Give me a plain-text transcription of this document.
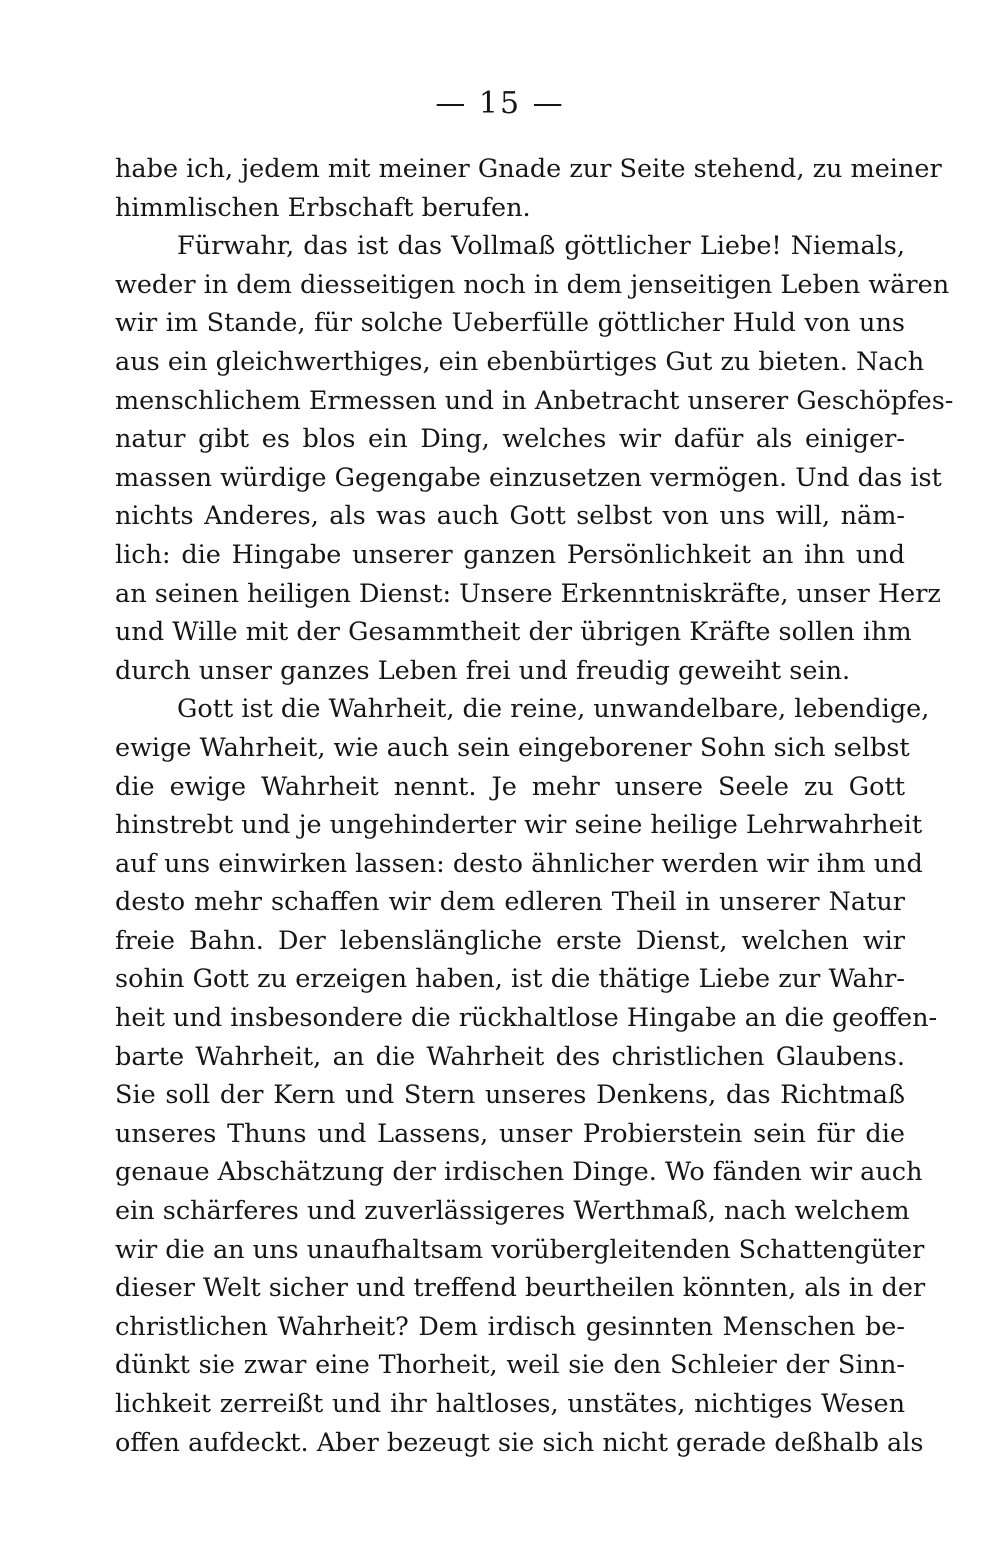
— 15 —
habe ich, jedem mit meiner Gnade zur Seite stehend, zu meiner
himmlischen Erbschaft berufen.
Fürwahr, das ist das Vollmaß göttlicher Liebe! Niemals,
weder in dem diesseitigen noch in dem jenseitigen Leben wären
wir im Stande, für solche Ueberfülle göttlicher Huld von uns
aus ein gleichwerthiges, ein ebenbürtiges Gut zu bieten. Nach
menschlichem Ermessen und in Anbetracht unserer Geschöpfes-
natur gibt es blos ein Ding, welches wir dafür als einiger-
massen würdige Gegengabe einzusetzen vermögen. Und das ist
nichts Anderes, als was auch Gott selbst von uns will, näm-
lich: die Hingabe unserer ganzen Persönlichkeit an ihn und
an seinen heiligen Dienst: Unsere Erkenntniskräfte, unser Herz
und Wille mit der Gesammtheit der übrigen Kräfte sollen ihm
durch unser ganzes Leben frei und freudig geweiht sein.
Gott ist die Wahrheit, die reine, unwandelbare, lebendige,
ewige Wahrheit, wie auch sein eingeborener Sohn sich selbst
die ewige Wahrheit nennt. Je mehr unsere Seele zu Gott
hinstrebt und je ungehinderter wir seine heilige Lehrwahrheit
auf uns einwirken lassen: desto ähnlicher werden wir ihm und
desto mehr schaffen wir dem edleren Theil in unserer Natur
freie Bahn. Der lebenslängliche erste Dienst, welchen wir
sohin Gott zu erzeigen haben, ist die thätige Liebe zur Wahr-
heit und insbesondere die rückhaltlose Hingabe an die geoffen-
barte Wahrheit, an die Wahrheit des christlichen Glaubens.
Sie soll der Kern und Stern unseres Denkens, das Richtmaß
unseres Thuns und Lassens, unser Probierstein sein für die
genaue Abschätzung der irdischen Dinge. Wo fänden wir auch
ein schärferes und zuverlässigeres Werthmaß, nach welchem
wir die an uns unaufhaltsam vorübergleitenden Schattengüter
dieser Welt sicher und treffend beurtheilen könnten, als in der
christlichen Wahrheit? Dem irdisch gesinnten Menschen be-
dünkt sie zwar eine Thorheit, weil sie den Schleier der Sinn-
lichkeit zerreißt und ihr haltloses, unstätes, nichtiges Wesen
offen aufdeckt. Aber bezeugt sie sich nicht gerade deßhalb als
